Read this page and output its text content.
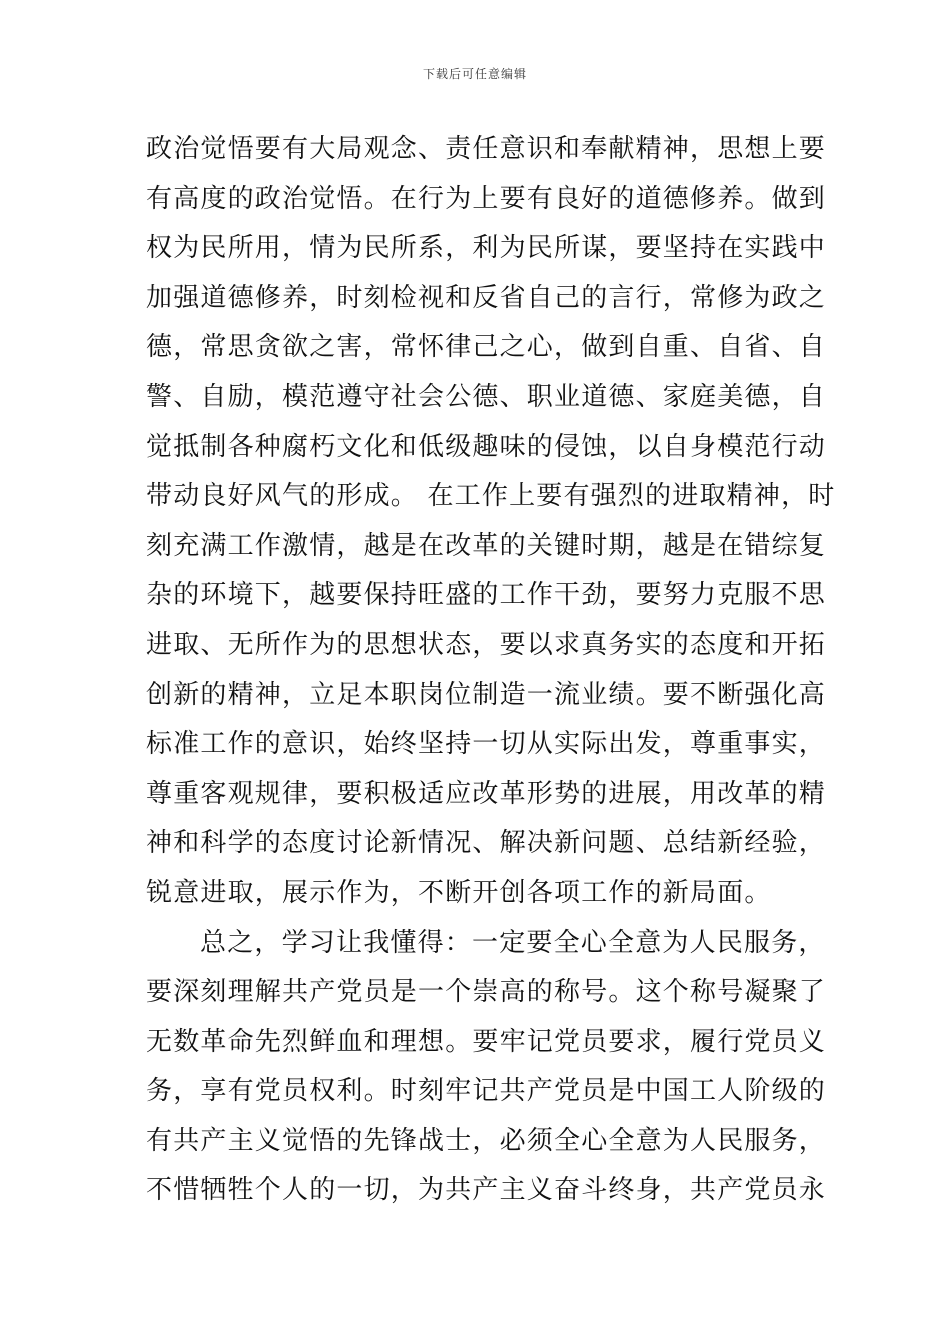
下载后可任意编辑
政治觉悟要有大局观念、责任意识和奉献精神，思想上要
有高度的政治觉悟。在行为上要有良好的道德修养。做到
权为民所用，情为民所系，利为民所谋，要坚持在实践中
加强道德修养，时刻检视和反省自己的言行，常修为政之
德，常思贪欲之害，常怀律己之心，做到自重、自省、自
警、自励，模范遵守社会公德、职业道德、家庭美德，自
觉抵制各种腐朽文化和低级趣味的侵蚀，以自身模范行动
带动良好风气的形成。 在工作上要有强烈的进取精神，时
刻充满工作激情，越是在改革的关键时期，越是在错综复
杂的环境下，越要保持旺盛的工作干劲，要努力克服不思
进取、无所作为的思想状态，要以求真务实的态度和开拓
创新的精神，立足本职岗位制造一流业绩。要不断强化高
标准工作的意识，始终坚持一切从实际出发，尊重事实，
尊重客观规律，要积极适应改革形势的进展，用改革的精
神和科学的态度讨论新情况、解决新问题、总结新经验，
锐意进取，展示作为，不断开创各项工作的新局面。
总之，学习让我懂得：一定要全心全意为人民服务，
要深刻理解共产党员是一个崇高的称号。这个称号凝聚了
无数革命先烈鲜血和理想。要牢记党员要求，履行党员义
务，享有党员权利。时刻牢记共产党员是中国工人阶级的
有共产主义觉悟的先锋战士，必须全心全意为人民服务，
不惜牺牲个人的一切，为共产主义奋斗终身，共产党员永
